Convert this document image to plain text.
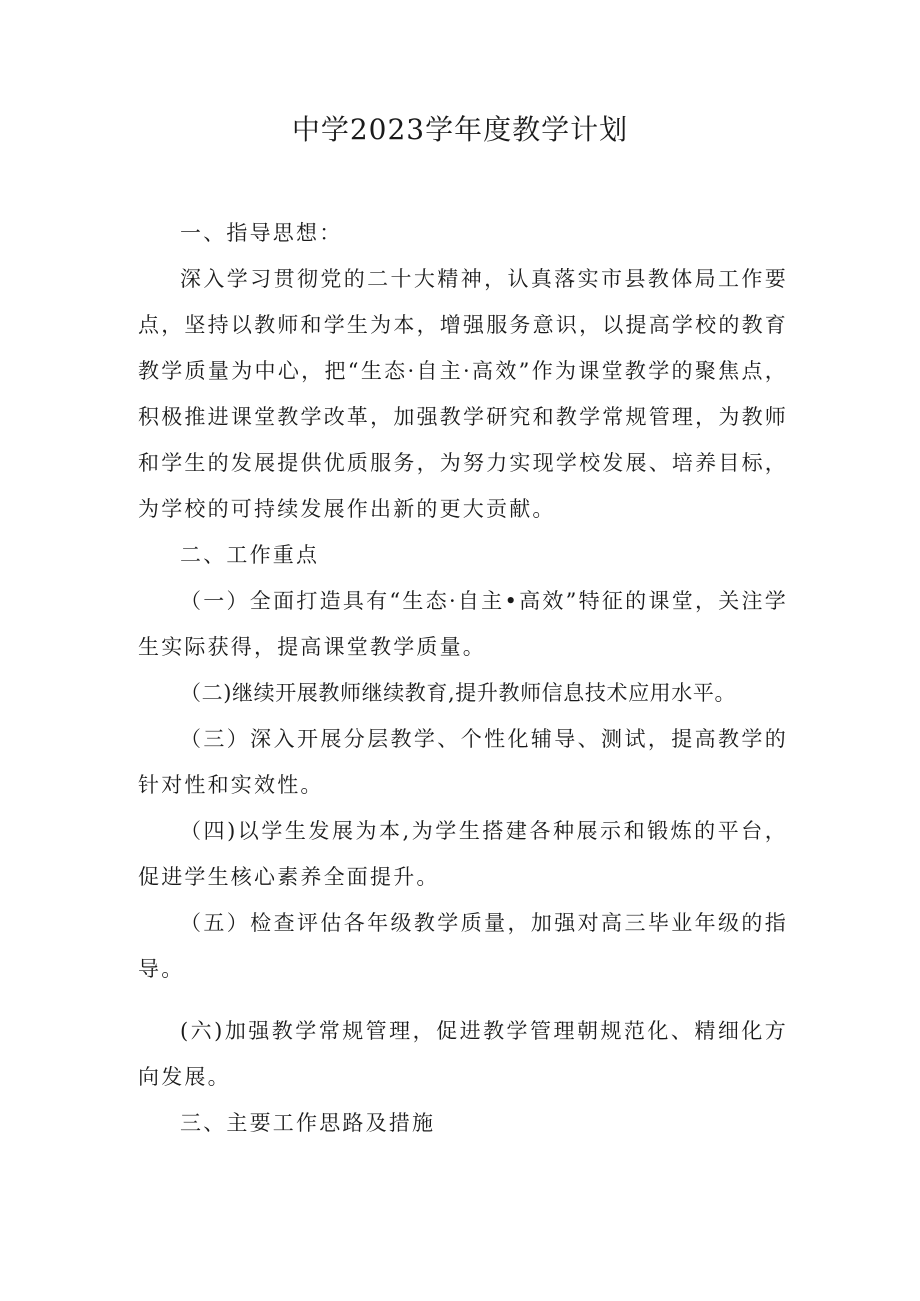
中学2023学年度教学计划

一、指导思想：

深入学习贯彻党的二十大精神，认真落实市县教体局工作要点，坚持以教师和学生为本，增强服务意识，以提高学校的教育教学质量为中心，把“生态·自主·高效”作为课堂教学的聚焦点，积极推进课堂教学改革，加强教学研究和教学常规管理，为教师和学生的发展提供优质服务，为努力实现学校发展、培养目标，为学校的可持续发展作出新的更大贡献。

二、工作重点

（一）全面打造具有“生态·自主•高效”特征的课堂，关注学生实际获得，提高课堂教学质量。

（二)继续开展教师继续教育,提升教师信息技术应用水平。

（三）深入开展分层教学、个性化辅导、测试，提高教学的针对性和实效性。

（四)以学生发展为本,为学生搭建各种展示和锻炼的平台，促进学生核心素养全面提升。

（五）检查评估各年级教学质量，加强对高三毕业年级的指导。

(六)加强教学常规管理，促进教学管理朝规范化、精细化方向发展。

三、主要工作思路及措施
